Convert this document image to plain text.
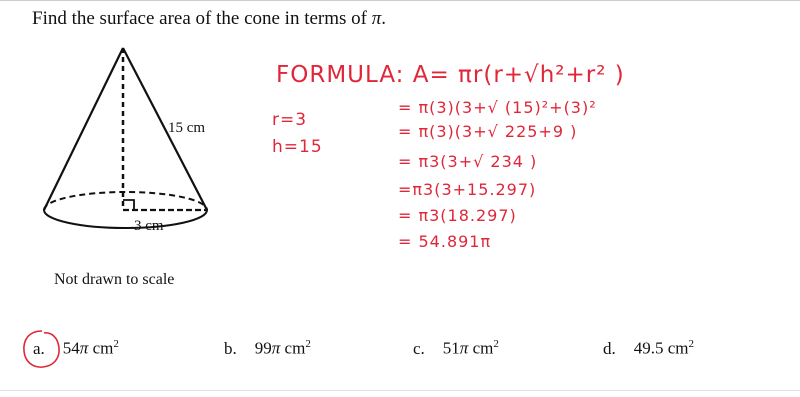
Find the surface area of the cone in terms of π.
15 cm
3 cm
Not drawn to scale
FORMULA: A= πr(r+√h²+r² )
r=3
h=15
= π(3)(3+√ (15)²+(3)²
= π(3)(3+√ 225+9 )
= π3(3+√ 234 )
=π3(3+15.297)
= π3(18.297)
= 54.891π
a. 54π $cm^2$	b. 99π $cm^2$	c. 51π $cm^2$	d. 49.5 $cm^2$
